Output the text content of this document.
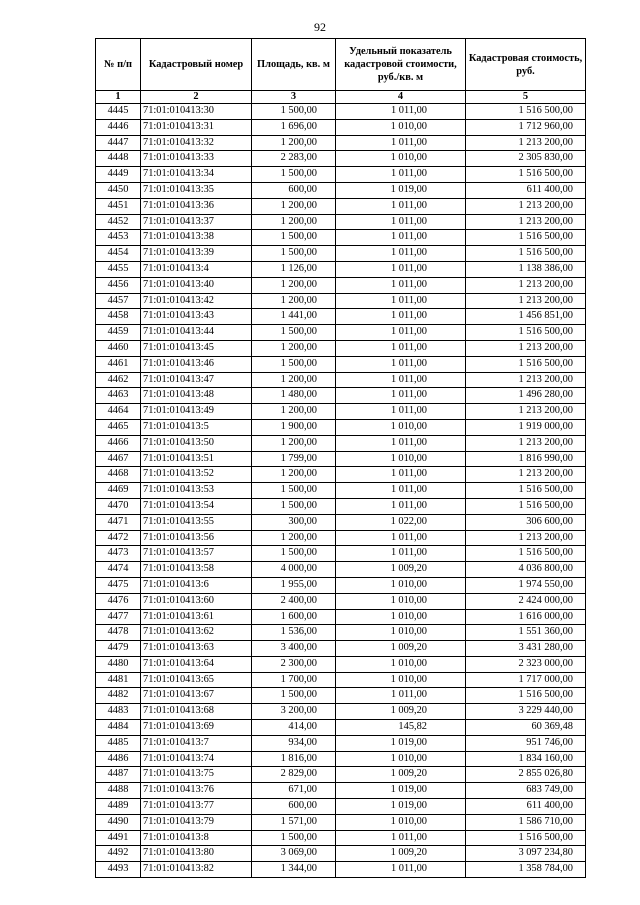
92
№ п/п	Кадастровый номер	Площадь, кв. м	Удельный показатель кадастровой стоимости, руб./кв. м	Кадастровая стоимость, руб.
1	2	3	4	5
4445	71:01:010413:30	1 500,00	1 011,00	1 516 500,00
4446	71:01:010413:31	1 696,00	1 010,00	1 712 960,00
4447	71:01:010413:32	1 200,00	1 011,00	1 213 200,00
4448	71:01:010413:33	2 283,00	1 010,00	2 305 830,00
4449	71:01:010413:34	1 500,00	1 011,00	1 516 500,00
4450	71:01:010413:35	600,00	1 019,00	611 400,00
4451	71:01:010413:36	1 200,00	1 011,00	1 213 200,00
4452	71:01:010413:37	1 200,00	1 011,00	1 213 200,00
4453	71:01:010413:38	1 500,00	1 011,00	1 516 500,00
4454	71:01:010413:39	1 500,00	1 011,00	1 516 500,00
4455	71:01:010413:4	1 126,00	1 011,00	1 138 386,00
4456	71:01:010413:40	1 200,00	1 011,00	1 213 200,00
4457	71:01:010413:42	1 200,00	1 011,00	1 213 200,00
4458	71:01:010413:43	1 441,00	1 011,00	1 456 851,00
4459	71:01:010413:44	1 500,00	1 011,00	1 516 500,00
4460	71:01:010413:45	1 200,00	1 011,00	1 213 200,00
4461	71:01:010413:46	1 500,00	1 011,00	1 516 500,00
4462	71:01:010413:47	1 200,00	1 011,00	1 213 200,00
4463	71:01:010413:48	1 480,00	1 011,00	1 496 280,00
4464	71:01:010413:49	1 200,00	1 011,00	1 213 200,00
4465	71:01:010413:5	1 900,00	1 010,00	1 919 000,00
4466	71:01:010413:50	1 200,00	1 011,00	1 213 200,00
4467	71:01:010413:51	1 799,00	1 010,00	1 816 990,00
4468	71:01:010413:52	1 200,00	1 011,00	1 213 200,00
4469	71:01:010413:53	1 500,00	1 011,00	1 516 500,00
4470	71:01:010413:54	1 500,00	1 011,00	1 516 500,00
4471	71:01:010413:55	300,00	1 022,00	306 600,00
4472	71:01:010413:56	1 200,00	1 011,00	1 213 200,00
4473	71:01:010413:57	1 500,00	1 011,00	1 516 500,00
4474	71:01:010413:58	4 000,00	1 009,20	4 036 800,00
4475	71:01:010413:6	1 955,00	1 010,00	1 974 550,00
4476	71:01:010413:60	2 400,00	1 010,00	2 424 000,00
4477	71:01:010413:61	1 600,00	1 010,00	1 616 000,00
4478	71:01:010413:62	1 536,00	1 010,00	1 551 360,00
4479	71:01:010413:63	3 400,00	1 009,20	3 431 280,00
4480	71:01:010413:64	2 300,00	1 010,00	2 323 000,00
4481	71:01:010413:65	1 700,00	1 010,00	1 717 000,00
4482	71:01:010413:67	1 500,00	1 011,00	1 516 500,00
4483	71:01:010413:68	3 200,00	1 009,20	3 229 440,00
4484	71:01:010413:69	414,00	145,82	60 369,48
4485	71:01:010413:7	934,00	1 019,00	951 746,00
4486	71:01:010413:74	1 816,00	1 010,00	1 834 160,00
4487	71:01:010413:75	2 829,00	1 009,20	2 855 026,80
4488	71:01:010413:76	671,00	1 019,00	683 749,00
4489	71:01:010413:77	600,00	1 019,00	611 400,00
4490	71:01:010413:79	1 571,00	1 010,00	1 586 710,00
4491	71:01:010413:8	1 500,00	1 011,00	1 516 500,00
4492	71:01:010413:80	3 069,00	1 009,20	3 097 234,80
4493	71:01:010413:82	1 344,00	1 011,00	1 358 784,00
